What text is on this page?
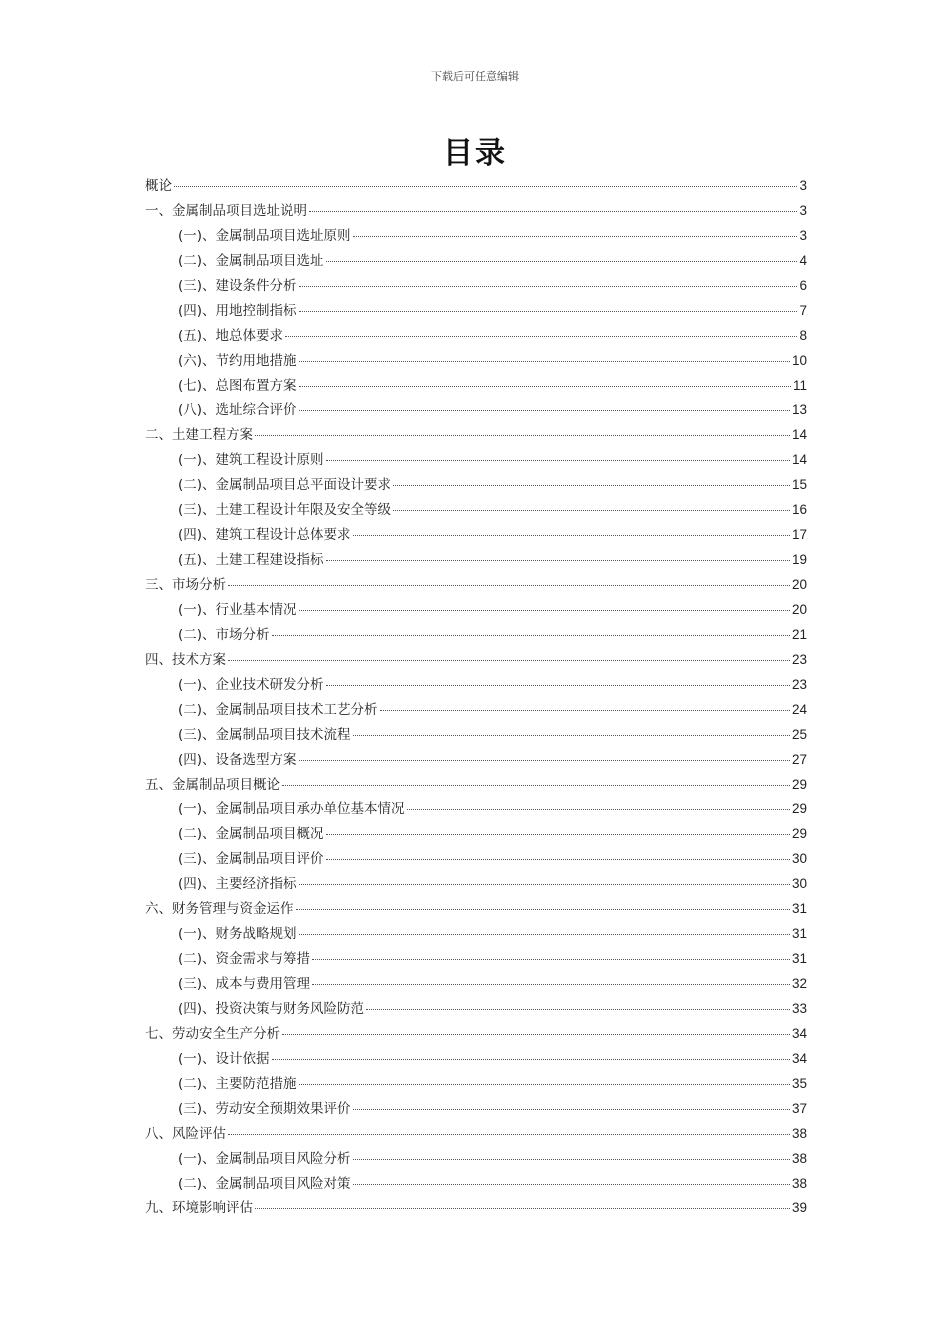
下载后可任意编辑
目录
概论	3
一、金属制品项目选址说明	3
(一)、金属制品项目选址原则	3
(二)、金属制品项目选址	4
(三)、建设条件分析	6
(四)、用地控制指标	7
(五)、地总体要求	8
(六)、节约用地措施	10
(七)、总图布置方案	11
(八)、选址综合评价	13
二、土建工程方案	14
(一)、建筑工程设计原则	14
(二)、金属制品项目总平面设计要求	15
(三)、土建工程设计年限及安全等级	16
(四)、建筑工程设计总体要求	17
(五)、土建工程建设指标	19
三、市场分析	20
(一)、行业基本情况	20
(二)、市场分析	21
四、技术方案	23
(一)、企业技术研发分析	23
(二)、金属制品项目技术工艺分析	24
(三)、金属制品项目技术流程	25
(四)、设备选型方案	27
五、金属制品项目概论	29
(一)、金属制品项目承办单位基本情况	29
(二)、金属制品项目概况	29
(三)、金属制品项目评价	30
(四)、主要经济指标	30
六、财务管理与资金运作	31
(一)、财务战略规划	31
(二)、资金需求与筹措	31
(三)、成本与费用管理	32
(四)、投资决策与财务风险防范	33
七、劳动安全生产分析	34
(一)、设计依据	34
(二)、主要防范措施	35
(三)、劳动安全预期效果评价	37
八、风险评估	38
(一)、金属制品项目风险分析	38
(二)、金属制品项目风险对策	38
九、环境影响评估	39
